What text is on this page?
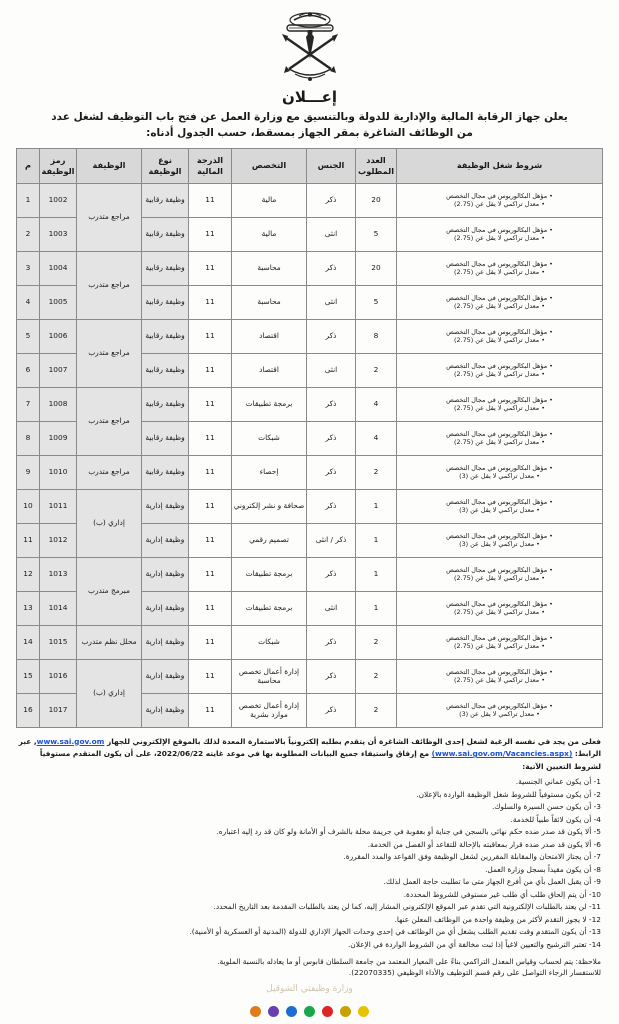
إعـــلان
يعلن جهاز الرقابة المالية والإدارية للدولة وبالتنسيق مع وزارة العمل عن فتح باب التوظيف لشغل عدد
من الوظائف الشاغرة بمقر الجهاز بمسقط، حسب الجدول أدناه:
شروط شغل الوظيفة	العدد المطلوب	الجنس	التخصص	الدرجة المالية	نوع الوظيفة	الوظيفة	رمز الوظيفة	م

• مؤهل البكالوريوس في مجال التخصص
• معدل تراكمي لا يقل عن (2.75)	20	ذكر	مالية	11	وظيفة رقابية	مراجع متدرب	1002	1

• مؤهل البكالوريوس في مجال التخصص
• معدل تراكمي لا يقل عن (2.75)	5	انثى	مالية	11	وظيفة رقابية		1003	2

• مؤهل البكالوريوس في مجال التخصص
• معدل تراكمي لا يقل عن (2.75)	20	ذكر	محاسبة	11	وظيفة رقابية	مراجع متدرب	1004	3

• مؤهل البكالوريوس في مجال التخصص
• معدل تراكمي لا يقل عن (2.75)	5	انثى	محاسبة	11	وظيفة رقابية		1005	4

• مؤهل البكالوريوس في مجال التخصص
• معدل تراكمي لا يقل عن (2.75)	8	ذكر	اقتصاد	11	وظيفة رقابية	مراجع متدرب	1006	5

• مؤهل البكالوريوس في مجال التخصص
• معدل تراكمي لا يقل عن (2.75)	2	انثى	اقتصاد	11	وظيفة رقابية		1007	6

• مؤهل البكالوريوس في مجال التخصص
• معدل تراكمي لا يقل عن (2.75)	4	ذكر	برمجة تطبيقات	11	وظيفة رقابية	مراجع متدرب	1008	7

• مؤهل البكالوريوس في مجال التخصص
• معدل تراكمي لا يقل عن (2.75)	4	ذكر	شبكات	11	وظيفة رقابية		1009	8

• مؤهل البكالوريوس في مجال التخصص
• معدل تراكمي لا يقل عن (3)	2	ذكر	إحصاء	11	وظيفة رقابية	مراجع متدرب	1010	9

• مؤهل البكالوريوس في مجال التخصص
• معدل تراكمي لا يقل عن (3)	1	ذكر	صحافة و نشر إلكتروني	11	وظيفة إدارية	إداري (ب)	1011	10

• مؤهل البكالوريوس في مجال التخصص
• معدل تراكمي لا يقل عن (3)	1	ذكر / انثى	تصميم رقمي	11	وظيفة إدارية		1012	11

• مؤهل البكالوريوس في مجال التخصص
• معدل تراكمي لا يقل عن (2.75)	1	ذكر	برمجة تطبيقات	11	وظيفة إدارية	مبرمج متدرب	1013	12

• مؤهل البكالوريوس في مجال التخصص
• معدل تراكمي لا يقل عن (2.75)	1	انثى	برمجة تطبيقات	11	وظيفة إدارية		1014	13

• مؤهل البكالوريوس في مجال التخصص
• معدل تراكمي لا يقل عن (2.75)	2	ذكر	شبكات	11	وظيفة إدارية	محلل نظم متدرب	1015	14

• مؤهل البكالوريوس في مجال التخصص
• معدل تراكمي لا يقل عن (2.75)	2	ذكر	إدارة أعمال تخصص محاسبة	11	وظيفة إدارية	إداري (ب)	1016	15

• مؤهل البكالوريوس في مجال التخصص
• معدل تراكمي لا يقل عن (3)	2	ذكر	إدارة أعمال تخصص موارد بشرية	11	وظيفة إدارية		1017	16
فعلى من يجد في نفسه الرغبة لشغل إحدى الوظائف الشاغرة أن يتقدم بطلبه إلكترونياً بالاستمارة المعدة لذلك بالموقع الإلكتروني للجهاز www.sai.gov.om, عبر الرابط: (www.sai.gov.om/Vacancies.aspx) مع إرفاق واستيفاء جميع البيانات المطلوبة بها في موعد غايته 2022/06/22، على أن يكون المتقدم مستوفياً لشروط التعيين الآتية:
1- أن يكون عماني الجنسية.
2- أن يكون مستوفياً للشروط شغل الوظيفة الواردة بالإعلان.
3- أن يكون حسن السيرة والسلوك.
4- أن يكون لائقاً طبياً للخدمة.
5- ألا يكون قد صدر ضده حكم نهائي بالسجن في جناية أو بعقوبة في جريمة مخلة بالشرف أو الأمانة ولو كان قد رد إليه اعتباره.
6- ألا يكون قد صدر ضده قرار بمعاقبته بالإحالة للتقاعد أو الفصل من الخدمة.
7- أن يجتاز الامتحان والمقابلة المقررين لشغل الوظيفة وفق القواعد والمدد المقررة.
8- أن يكون مقيداً بسجل وزارة العمل.
9- أن يقبل العمل بأي من أفرع الجهاز متى ما تطلبت حاجة العمل لذلك.
10- أن يتم إلحاق طلب أي طلب غير مستوفي للشروط المحددة.
11- لن يعتد بالطلبات الإلكترونية التي تقدم عبر الموقع الإلكتروني المشار إليه، كما لن يعتد بالطلبات المقدمة بعد التاريخ المحدد.
12- لا يجوز التقدم لأكثر من وظيفة واحدة من الوظائف المعلن عنها.
13- أن يكون المتقدم وقت تقديم الطلب يشغل أي من الوظائف في إحدى وحدات الجهاز الإداري للدولة (المدنية أو العسكرية أو الأمنية).
14- تعتبر الترشيح والتعيين لاغياً إذا ثبت مخالفة أي من الشروط الواردة في الإعلان.
ملاحظة: يتم لحساب وقياس المعدل التراكمي بناءً على المعيار المعتمد من جامعة السلطان قابوس أو ما يعادله بالنسبة الملوية.
للاستفسار الرجاء التواصل على رقم قسم التوظيف والأداء الوظيفي (22070335).
وزارة وظيفتي الشوقيل
